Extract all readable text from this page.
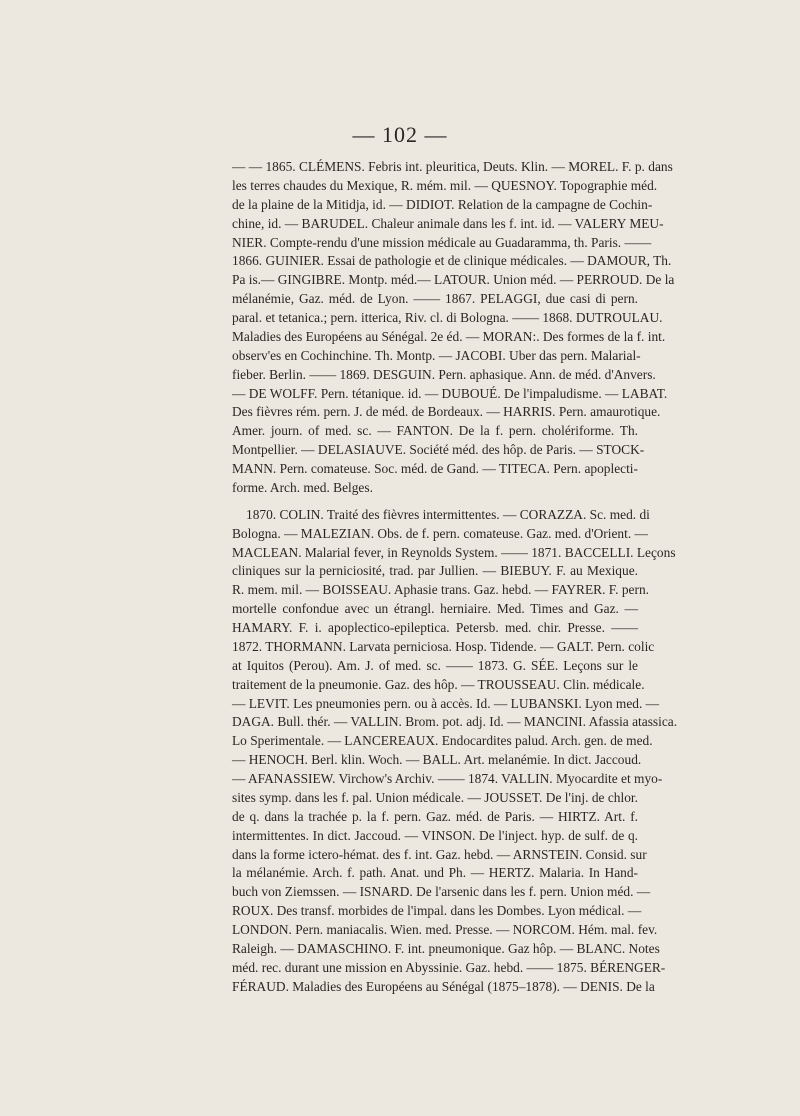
— 102 —
— — 1865. CLÉMENS. Febris int. pleuritica, Deuts. Klin. — MOREL. F. p. dans
les terres chaudes du Mexique, R. mém. mil. — QUESNOY. Topographie méd.
de la plaine de la Mitidja, id. — DIDIOT. Relation de la campagne de Cochin-
chine, id. — BARUDEL. Chaleur animale dans les f. int. id. — VALERY MEU-
NIER. Compte-rendu d'une mission médicale au Guadaramma, th. Paris. ——
1866. GUINIER. Essai de pathologie et de clinique médicales. — DAMOUR, Th.
Pa is.— GINGIBRE. Montp. méd.— LATOUR. Union méd. — PERROUD. De la
mélanémie, Gaz. méd. de Lyon. —— 1867. PELAGGI, due casi di pern.
paral. et tetanica.; pern. itterica, Riv. cl. di Bologna. —— 1868. DUTROULAU.
Maladies des Européens au Sénégal. 2e éd. — MORAN:. Des formes de la f. int.
observ'es en Cochinchine. Th. Montp. — JACOBI. Uber das pern. Malarial-
fieber. Berlin. —— 1869. DESGUIN. Pern. aphasique. Ann. de méd. d'Anvers.
— DE WOLFF. Pern. tétanique. id. — DUBOUÉ. De l'impaludisme. — LABAT.
Des fièvres rém. pern. J. de méd. de Bordeaux. — HARRIS. Pern. amaurotique.
Amer. journ. of med. sc. — FANTON. De la f. pern. cholériforme. Th.
Montpellier. — DELASIAUVE. Société méd. des hôp. de Paris. — STOCK-
MANN. Pern. comateuse. Soc. méd. de Gand. — TITECA. Pern. apoplecti-
forme. Arch. med. Belges.
1870. COLIN. Traité des fièvres intermittentes. — CORAZZA. Sc. med. di
Bologna. — MALEZIAN. Obs. de f. pern. comateuse. Gaz. med. d'Orient. —
MACLEAN. Malarial fever, in Reynolds System. —— 1871. BACCELLI. Leçons
cliniques sur la perniciosité, trad. par Jullien. — BIEBUY. F. au Mexique.
R. mem. mil. — BOISSEAU. Aphasie trans. Gaz. hebd. — FAYRER. F. pern.
mortelle confondue avec un étrangl. herniaire. Med. Times and Gaz. —
HAMARY. F. i. apoplectico-epileptica. Petersb. med. chir. Presse. ——
1872. THORMANN. Larvata perniciosa. Hosp. Tidende. — GALT. Pern. colic
at Iquitos (Perou). Am. J. of med. sc. —— 1873. G. SÉE. Leçons sur le
traitement de la pneumonie. Gaz. des hôp. — TROUSSEAU. Clin. médicale.
— LEVIT. Les pneumonies pern. ou à accès. Id. — LUBANSKI. Lyon med. —
DAGA. Bull. thér. — VALLIN. Brom. pot. adj. Id. — MANCINI. Afassia atassica.
Lo Sperimentale. — LANCEREAUX. Endocardites palud. Arch. gen. de med.
— HENOCH. Berl. klin. Woch. — BALL. Art. melanémie. In dict. Jaccoud.
— AFANASSIEW. Virchow's Archiv. —— 1874. VALLIN. Myocardite et myo-
sites symp. dans les f. pal. Union médicale. — JOUSSET. De l'inj. de chlor.
de q. dans la trachée p. la f. pern. Gaz. méd. de Paris. — HIRTZ. Art. f.
intermittentes. In dict. Jaccoud. — VINSON. De l'inject. hyp. de sulf. de q.
dans la forme ictero-hémat. des f. int. Gaz. hebd. — ARNSTEIN. Consid. sur
la mélanémie. Arch. f. path. Anat. und Ph. — HERTZ. Malaria. In Hand-
buch von Ziemssen. — ISNARD. De l'arsenic dans les f. pern. Union méd. —
ROUX. Des transf. morbides de l'impal. dans les Dombes. Lyon médical. —
LONDON. Pern. maniacalis. Wien. med. Presse. — NORCOM. Hém. mal. fev.
Raleigh. — DAMASCHINO. F. int. pneumonique. Gaz hôp. — BLANC. Notes
méd. rec. durant une mission en Abyssinie. Gaz. hebd. —— 1875. BÉRENGER-
FÉRAUD. Maladies des Européens au Sénégal (1875–1878). — DENIS. De la
